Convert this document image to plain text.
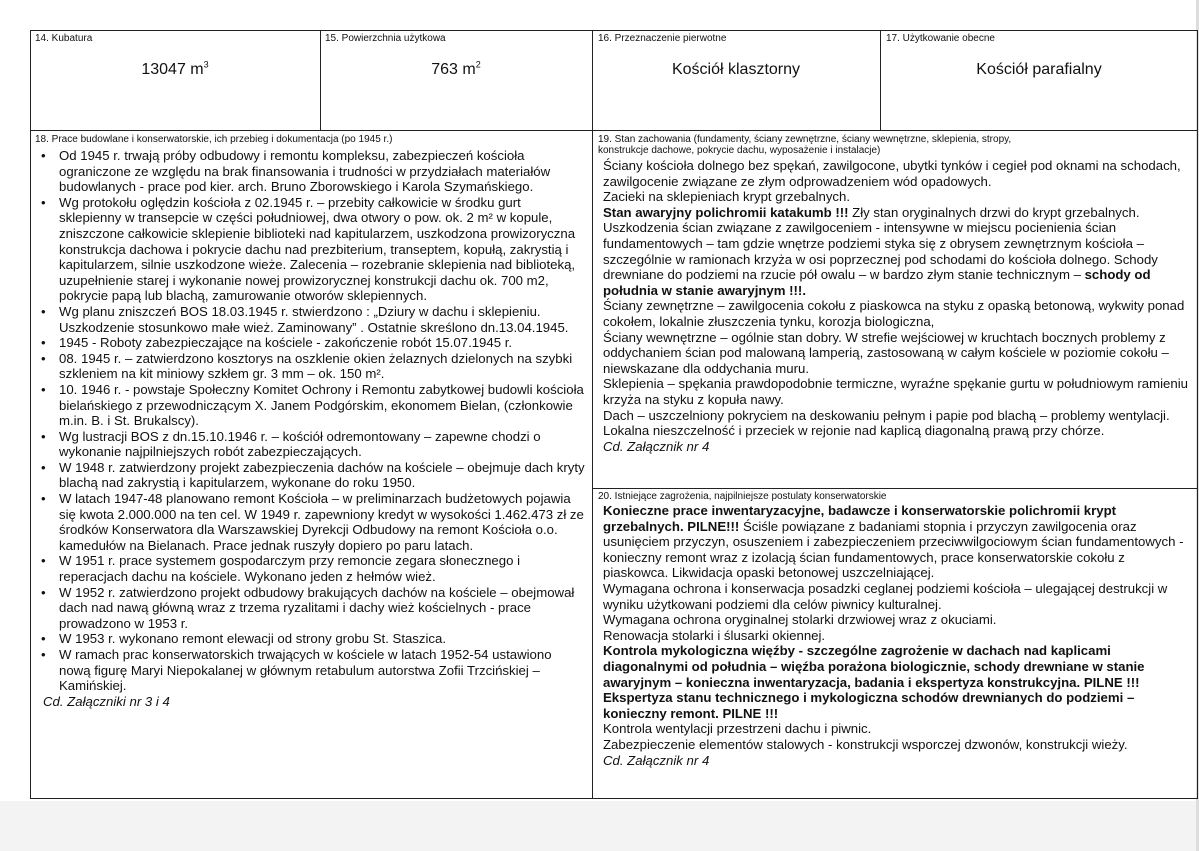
14. Kubatura
13047 $m^3$
15. Powierzchnia użytkowa
763 $m^2$
16. Przeznaczenie pierwotne
Kościół klasztorny
17. Użytkowanie obecne
Kościół parafialny
18. Prace budowlane i konserwatorskie, ich przebieg i dokumentacja (po 1945 r.)
• Od 1945 r. trwają próby odbudowy i remontu kompleksu, zabezpieczeń kościoła ograniczone ze względu na brak finansowania i trudności w przydziałach materiałów budowlanych - prace pod kier. arch. Bruno Zborowskiego i Karola Szymańskiego.
• Wg protokołu oględzin kościoła z 02.1945 r. – przebity całkowicie w środku gurt sklepienny w transepcie w części południowej, dwa otwory o pow. ok. 2 m² w kopule, zniszczone całkowicie sklepienie biblioteki nad kapitularzem, uszkodzona prowizoryczna konstrukcja dachowa i pokrycie dachu nad prezbiterium, transeptem, kopułą, zakrystią i kapitularzem, silnie uszkodzone wieże. Zalecenia – rozebranie sklepienia nad biblioteką, uzupełnienie starej i wykonanie nowej prowizorycznej konstrukcji dachu ok. 700 m2, pokrycie papą lub blachą, zamurowanie otworów sklepiennych.
• Wg planu zniszczeń BOS 18.03.1945 r. stwierdzono : „Dziury w dachu i sklepieniu. Uszkodzenie stosunkowo małe wież. Zaminowany” . Ostatnie skreślono dn.13.04.1945.
• 1945 - Roboty zabezpieczające na kościele - zakończenie robót 15.07.1945 r.
• 08. 1945 r. – zatwierdzono kosztorys na oszklenie okien żelaznych dzielonych na szybki szkleniem na kit miniowy szkłem gr. 3 mm – ok. 150 m².
• 10. 1946 r. - powstaje Społeczny Komitet Ochrony i Remontu zabytkowej budowli kościoła bielańskiego z przewodniczącym X. Janem Podgórskim, ekonomem Bielan, (członkowie m.in. B. i St. Brukalscy).
• Wg lustracji BOS z dn.15.10.1946 r. – kościół odremontowany – zapewne chodzi o wykonanie najpilniejszych robót zabezpieczających.
• W 1948 r. zatwierdzony projekt zabezpieczenia dachów na kościele – obejmuje dach kryty blachą nad zakrystią i kapitularzem, wykonane do roku 1950.
• W latach 1947-48 planowano remont Kościoła – w preliminarzach budżetowych pojawia się kwota 2.000.000 na ten cel. W 1949 r. zapewniony kredyt w wysokości 1.462.473 zł ze środków Konserwatora dla Warszawskiej Dyrekcji Odbudowy na remont Kościoła o.o. kamedułów na Bielanach. Prace jednak ruszyły dopiero po paru latach.
• W 1951 r. prace systemem gospodarczym przy remoncie zegara słonecznego i reperacjach dachu na kościele. Wykonano jeden z hełmów wież.
• W 1952 r. zatwierdzono projekt odbudowy brakujących dachów na kościele – obejmował dach nad nawą główną wraz z trzema ryzalitami i dachy wież kościelnych - prace prowadzono w 1953 r.
• W 1953 r. wykonano remont elewacji od strony grobu St. Staszica.
• W ramach prac konserwatorskich trwających w kościele w latach 1952-54 ustawiono nową figurę Maryi Niepokalanej w głównym retabulum autorstwa Zofii Trzcińskiej – Kamińskiej.
Cd. Załączniki nr 3 i 4
19. Stan zachowania (fundamenty, ściany zewnętrzne, ściany wewnętrzne, sklepienia, stropy,
konstrukcje dachowe, pokrycie dachu, wyposażenie i instalacje)

Ściany kościoła dolnego bez spękań, zawilgocone, ubytki tynków i cegieł pod oknami na schodach, zawilgocenie związane ze złym odprowadzeniem wód opadowych.

Zacieki na sklepieniach krypt grzebalnych.

Stan awaryjny polichromii katakumb !!! Zły stan oryginalnych drzwi do krypt grzebalnych.

Uszkodzenia ścian związane z zawilgoceniem - intensywne w miejscu pocienienia ścian fundamentowych – tam gdzie wnętrze podziemi styka się z obrysem zewnętrznym kościoła – szczególnie w ramionach krzyża w osi poprzecznej pod schodami do kościoła dolnego. Schody drewniane do podziemi na rzucie pół owalu – w bardzo złym stanie technicznym – schody od południa w stanie awaryjnym !!!.

Ściany zewnętrzne – zawilgocenia cokołu z piaskowca na styku z opaską betonową, wykwity ponad cokołem, lokalnie złuszczenia tynku, korozja biologiczna,

Ściany wewnętrzne – ogólnie stan dobry. W strefie wejściowej w kruchtach bocznych problemy z oddychaniem ścian pod malowaną lamperią, zastosowaną w całym kościele w poziomie cokołu – niewskazane dla oddychania muru.

Sklepienia – spękania prawdopodobnie termiczne, wyraźne spękanie gurtu w południowym ramieniu krzyża na styku z kopuła nawy.

Dach – uszczelniony pokryciem na deskowaniu pełnym i papie pod blachą – problemy wentylacji. Lokalna nieszczelność i przeciek w rejonie nad kaplicą diagonalną prawą przy chórze.

Cd. Załącznik nr 4
20. Istniejące zagrożenia, najpilniejsze postulaty konserwatorskie

Konieczne prace inwentaryzacyjne, badawcze i konserwatorskie polichromii krypt grzebalnych. PILNE!!! Ściśle powiązane z badaniami stopnia i przyczyn zawilgocenia oraz usunięciem przyczyn, osuszeniem i zabezpieczeniem przeciwwilgociowym ścian fundamentowych - konieczny remont wraz z izolacją ścian fundamentowych, prace konserwatorskie cokołu z piaskowca. Likwidacja opaski betonowej uszczelniającej.

Wymagana ochrona i konserwacja posadzki ceglanej podziemi kościoła – ulegającej destrukcji w wyniku użytkowani podziemi dla celów piwnicy kulturalnej.

Wymagana ochrona oryginalnej stolarki drzwiowej wraz z okuciami.

Renowacja stolarki i ślusarki okiennej.

Kontrola mykologiczna więźby - szczególne zagrożenie w dachach nad kaplicami diagonalnymi od południa – więźba porażona biologicznie, schody drewniane w stanie awaryjnym – konieczna inwentaryzacja, badania i ekspertyza konstrukcyjna. PILNE !!! Ekspertyza stanu technicznego i mykologiczna schodów drewnianych do podziemi – konieczny remont. PILNE !!!

Kontrola wentylacji przestrzeni dachu i piwnic.

Zabezpieczenie elementów stalowych - konstrukcji wsporczej dzwonów, konstrukcji wieży.

Cd. Załącznik nr 4
